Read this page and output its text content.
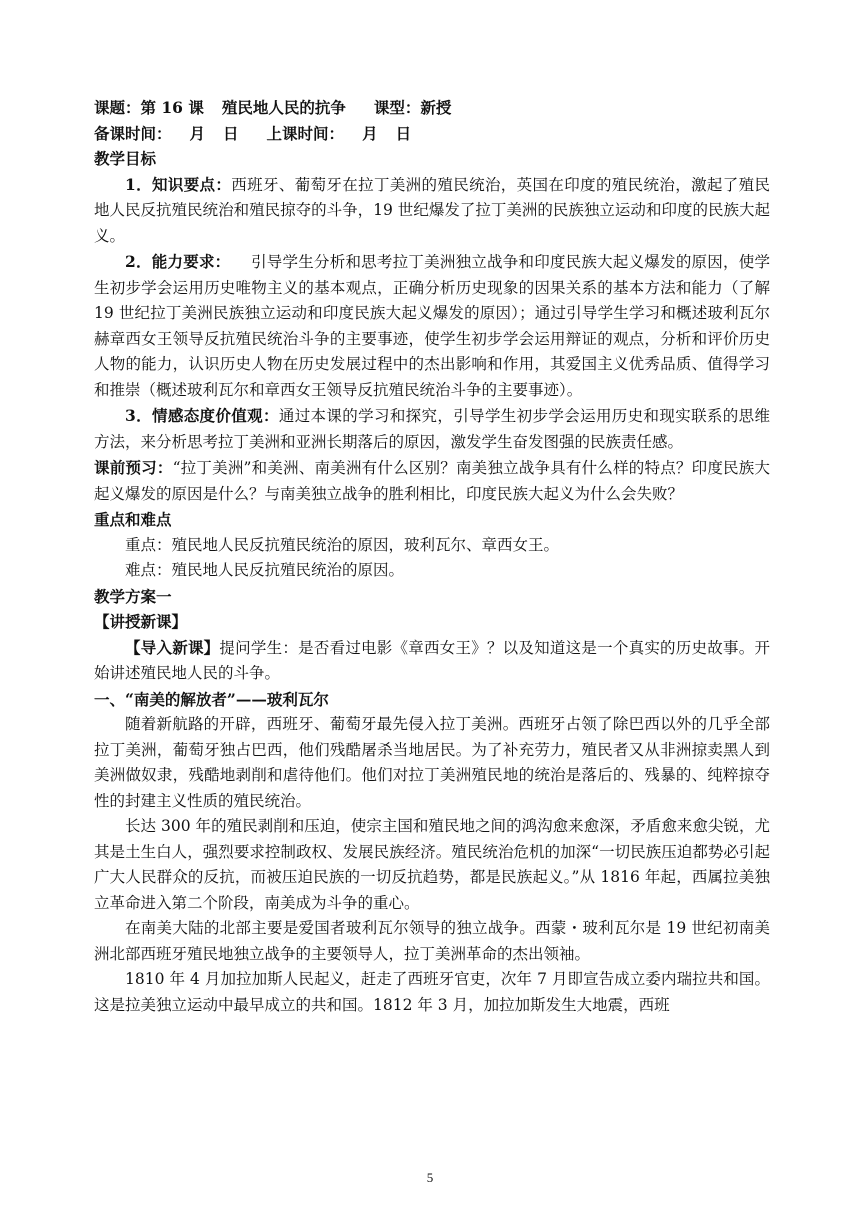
课题：第 16 课 殖民地人民的抗争 课型：新授
备课时间： 月 日 上课时间： 月 日
教学目标

1．知识要点：西班牙、葡萄牙在拉丁美洲的殖民统治，英国在印度的殖民统治，激起了殖民地人民反抗殖民统治和殖民掠夺的斗争，19 世纪爆发了拉丁美洲的民族独立运动和印度的民族大起义。

2．能力要求： 引导学生分析和思考拉丁美洲独立战争和印度民族大起义爆发的原因，使学生初步学会运用历史唯物主义的基本观点，正确分析历史现象的因果关系的基本方法和能力（了解 19 世纪拉丁美洲民族独立运动和印度民族大起义爆发的原因）；通过引导学生学习和概述玻利瓦尔赫章西女王领导反抗殖民统治斗争的主要事迹，使学生初步学会运用辩证的观点，分析和评价历史人物的能力，认识历史人物在历史发展过程中的杰出影响和作用，其爱国主义优秀品质、值得学习和推崇（概述玻利瓦尔和章西女王领导反抗殖民统治斗争的主要事迹）。

3．情感态度价值观：通过本课的学习和探究，引导学生初步学会运用历史和现实联系的思维方法，来分析思考拉丁美洲和亚洲长期落后的原因，激发学生奋发图强的民族责任感。

课前预习：“拉丁美洲”和美洲、南美洲有什么区别？南美独立战争具有什么样的特点？印度民族大起义爆发的原因是什么？与南美独立战争的胜利相比，印度民族大起义为什么会失败？

重点和难点

重点：殖民地人民反抗殖民统治的原因，玻利瓦尔、章西女王。

难点：殖民地人民反抗殖民统治的原因。

教学方案一
【讲授新课】

【导入新课】提问学生：是否看过电影《章西女王》？以及知道这是一个真实的历史故事。开始讲述殖民地人民的斗争。

一、“南美的解放者”——玻利瓦尔

随着新航路的开辟，西班牙、葡萄牙最先侵入拉丁美洲。西班牙占领了除巴西以外的几乎全部拉丁美洲，葡萄牙独占巴西，他们残酷屠杀当地居民。为了补充劳力，殖民者又从非洲掠卖黑人到美洲做奴隶，残酷地剥削和虐待他们。他们对拉丁美洲殖民地的统治是落后的、残暴的、纯粹掠夺性的封建主义性质的殖民统治。

长达 300 年的殖民剥削和压迫，使宗主国和殖民地之间的鸿沟愈来愈深，矛盾愈来愈尖锐，尤其是土生白人，强烈要求控制政权、发展民族经济。殖民统治危机的加深“一切民族压迫都势必引起广大人民群众的反抗，而被压迫民族的一切反抗趋势，都是民族起义。”从 1816 年起，西属拉美独立革命进入第二个阶段，南美成为斗争的重心。

在南美大陆的北部主要是爱国者玻利瓦尔领导的独立战争。西蒙・玻利瓦尔是 19 世纪初南美洲北部西班牙殖民地独立战争的主要领导人，拉丁美洲革命的杰出领袖。

1810 年 4 月加拉加斯人民起义，赶走了西班牙官吏，次年 7 月即宣告成立委内瑞拉共和国。这是拉美独立运动中最早成立的共和国。1812 年 3 月，加拉加斯发生大地震，西班

5
